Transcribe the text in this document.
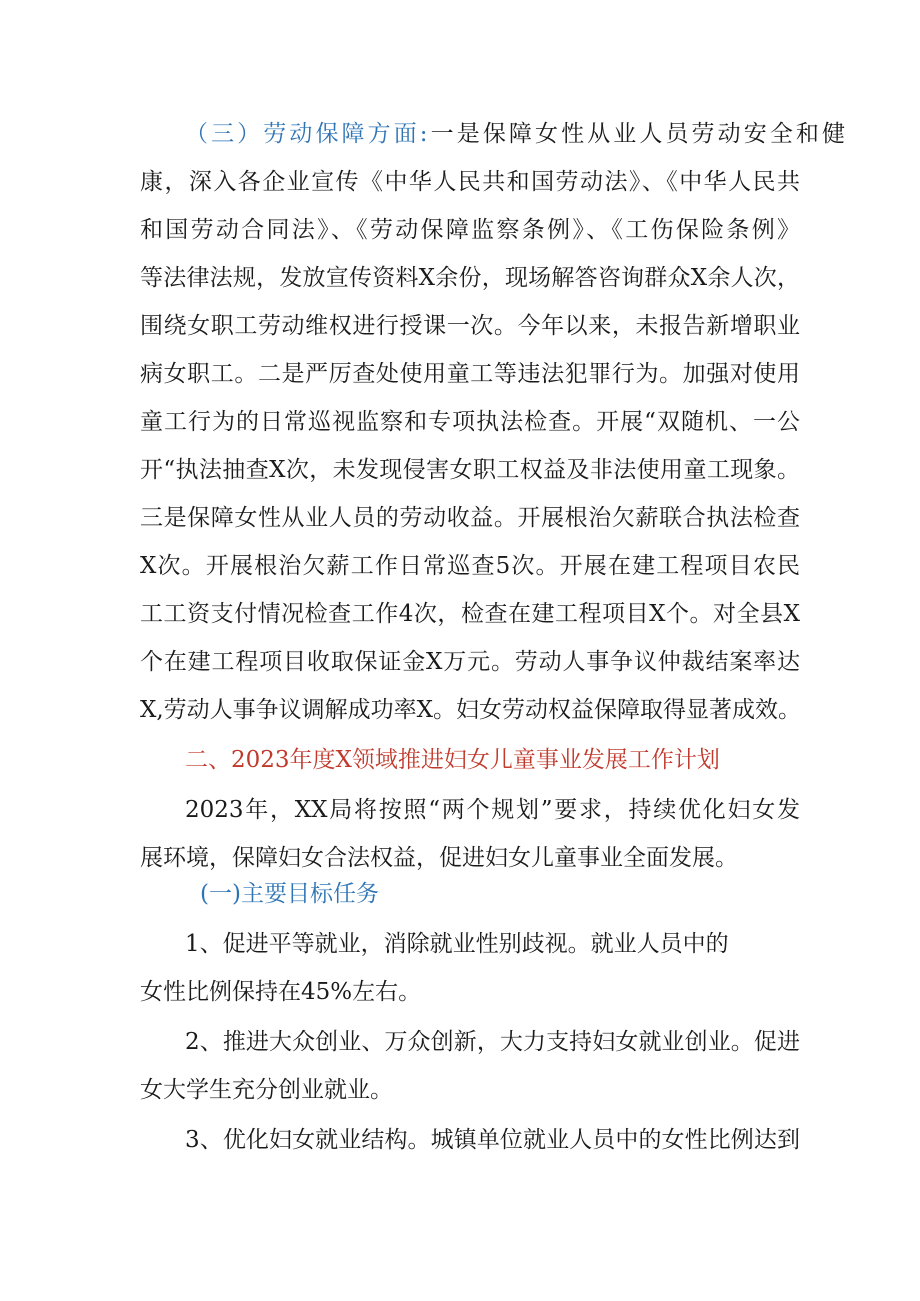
（三）劳动保障方面:一是保障女性从业人员劳动安全和健
康，深入各企业宣传《中华人民共和国劳动法》、《中华人民共
和国劳动合同法》、《劳动保障监察条例》、《工伤保险条例》
等法律法规，发放宣传资料X余份，现场解答咨询群众X余人次，
围绕女职工劳动维权进行授课一次。今年以来，未报告新增职业
病女职工。二是严厉查处使用童工等违法犯罪行为。加强对使用
童工行为的日常巡视监察和专项执法检查。开展“双随机、一公
开“执法抽查X次，未发现侵害女职工权益及非法使用童工现象。
三是保障女性从业人员的劳动收益。开展根治欠薪联合执法检查
X次。开展根治欠薪工作日常巡查5次。开展在建工程项目农民
工工资支付情况检查工作4次，检查在建工程项目X个。对全县X
个在建工程项目收取保证金X万元。劳动人事争议仲裁结案率达
X,劳动人事争议调解成功率X。妇女劳动权益保障取得显著成效。
二、2023年度X领域推进妇女儿童事业发展工作计划
2023年，XX局将按照“两个规划”要求，持续优化妇女发
展环境，保障妇女合法权益，促进妇女儿童事业全面发展。
(一)主要目标任务
1、促进平等就业，消除就业性别歧视。就业人员中的
女性比例保持在45%左右。
2、推进大众创业、万众创新，大力支持妇女就业创业。促进
女大学生充分创业就业。
3、优化妇女就业结构。城镇单位就业人员中的女性比例达到
